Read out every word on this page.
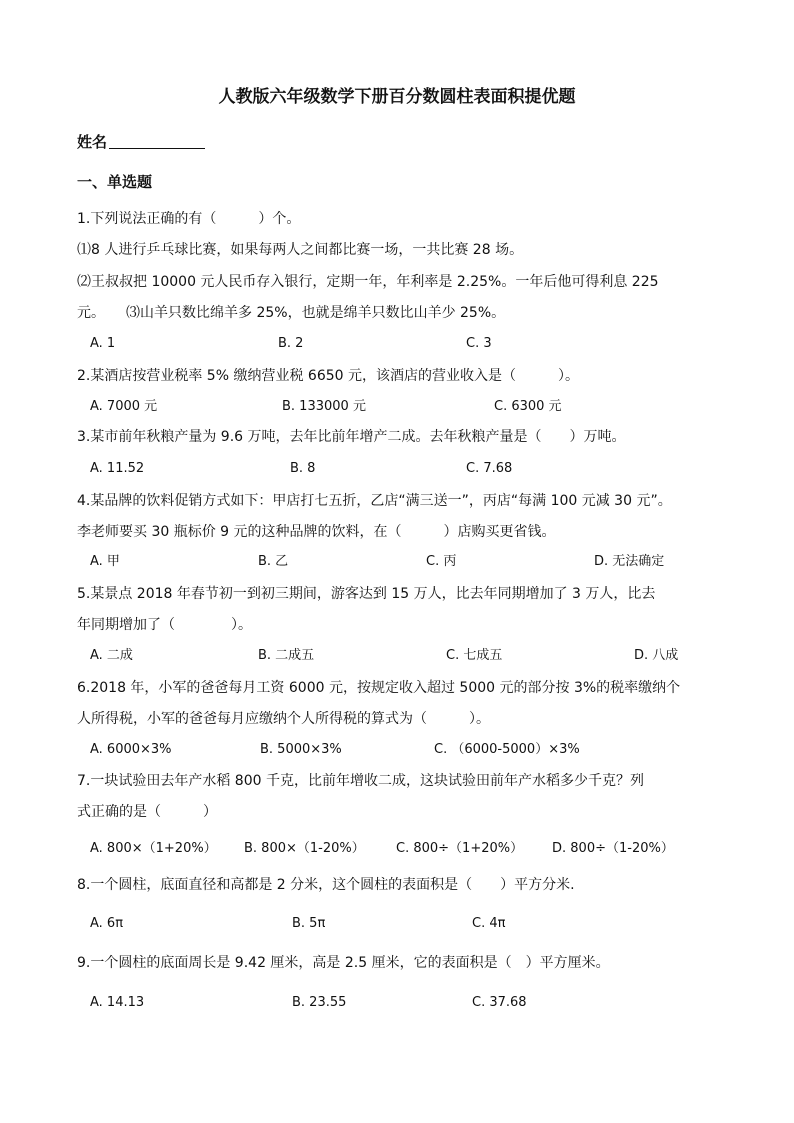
人教版六年级数学下册百分数圆柱表面积提优题
姓名
一、单选题
1.下列说法正确的有（　　　）个。
⑴8 人进行乒乓球比赛，如果每两人之间都比赛一场，一共比赛 28 场。
⑵王叔叔把 10000 元人民币存入银行，定期一年，年利率是 2.25%。一年后他可得利息 225
元。　　⑶山羊只数比绵羊多 25%，也就是绵羊只数比山羊少 25%。
A. 1	B. 2	C. 3
2.某酒店按营业税率 5% 缴纳营业税 6650 元，该酒店的营业收入是（　　　）。
A. 7000 元	B. 133000 元	C. 6300 元
3.某市前年秋粮产量为 9.6 万吨，去年比前年增产二成。去年秋粮产量是（　　）万吨。
A. 11.52	B. 8	C. 7.68
4.某品牌的饮料促销方式如下：甲店打七五折，乙店“满三送一”，丙店“每满 100 元减 30 元”。
李老师要买 30 瓶标价 9 元的这种品牌的饮料，在（　　　）店购买更省钱。
A. 甲	B. 乙	C. 丙	D. 无法确定
5.某景点 2018 年春节初一到初三期间，游客达到 15 万人，比去年同期增加了 3 万人，比去
年同期增加了（　　　　）。
A. 二成	B. 二成五	C. 七成五	D. 八成
6.2018 年，小军的爸爸每月工资 6000 元，按规定收入超过 5000 元的部分按 3%的税率缴纳个
人所得税，小军的爸爸每月应缴纳个人所得税的算式为（　　　）。
A. 6000×3%	B. 5000×3%	C. （6000-5000）×3%
7.一块试验田去年产水稻 800 千克，比前年增收二成，这块试验田前年产水稻多少千克？列
式正确的是（　　　）
A. 800×（1+20%） B. 800×（1-20%） C. 800÷（1+20%） D. 800÷（1-20%）
8.一个圆柱，底面直径和高都是 2 分米，这个圆柱的表面积是（　　）平方分米.
A. 6π	B. 5π	C. 4π
9.一个圆柱的底面周长是 9.42 厘米，高是 2.5 厘米，它的表面积是（　）平方厘米。
A. 14.13	B. 23.55	C. 37.68
